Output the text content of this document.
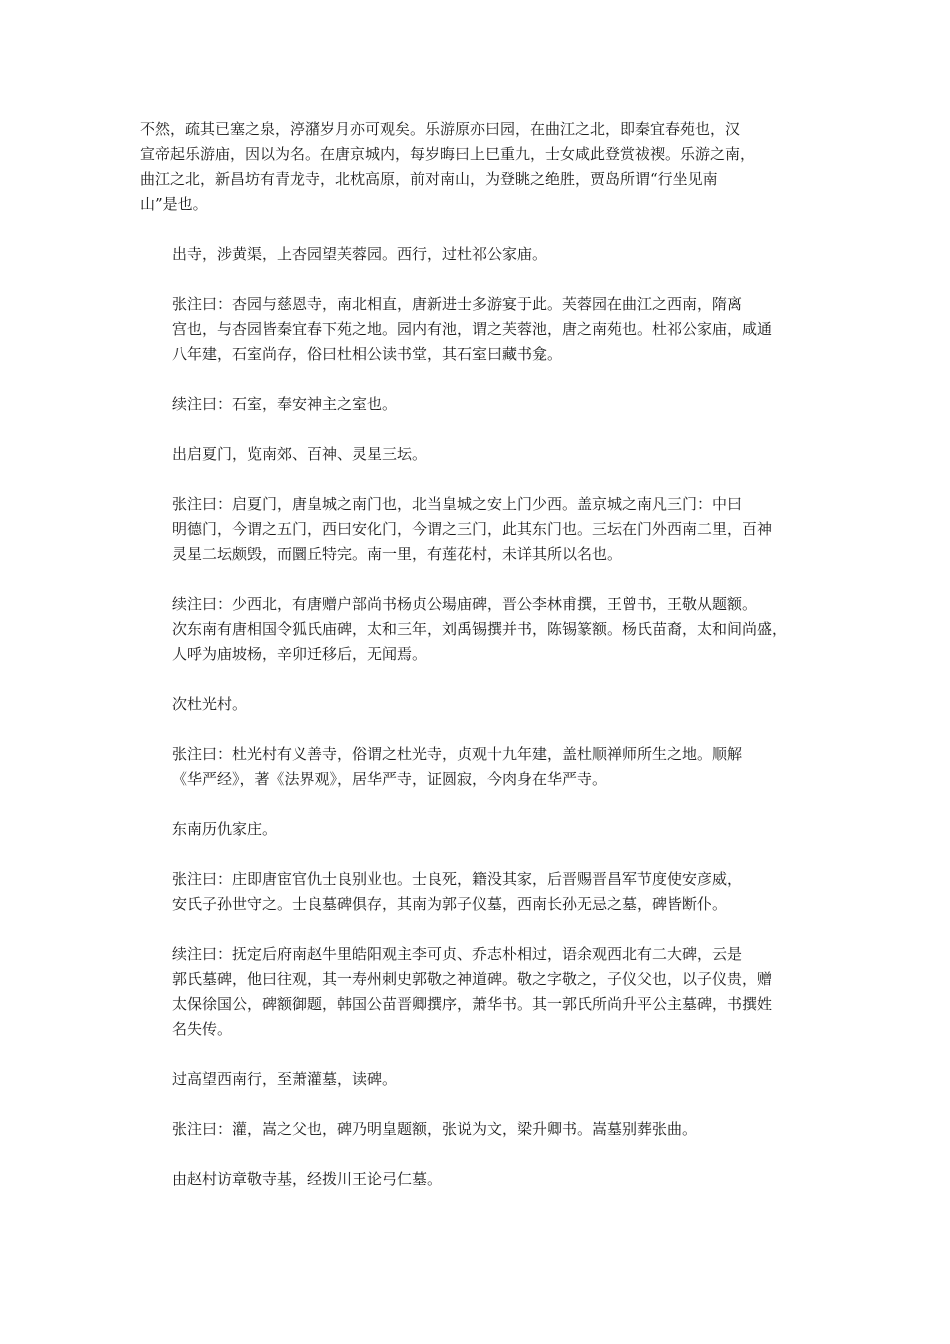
不然，疏其已塞之泉，渟潴岁月亦可观矣。乐游原亦曰园，在曲江之北，即秦宜春苑也，汉
宣帝起乐游庙，因以为名。在唐京城内，每岁晦曰上巳重九，士女咸此登赏祓禊。乐游之南，
曲江之北，新昌坊有青龙寺，北枕高原，前对南山，为登眺之绝胜，贾岛所谓“行坐见南
山”是也。
出寺，涉黄渠，上杏园望芙蓉园。西行，过杜祁公家庙。
张注曰：杏园与慈恩寺，南北相直，唐新进士多游宴于此。芙蓉园在曲江之西南，隋离
宫也，与杏园皆秦宜春下苑之地。园内有池，谓之芙蓉池，唐之南苑也。杜祁公家庙，咸通
八年建，石室尚存，俗曰杜相公读书堂，其石室曰藏书龛。
续注曰：石室，奉安神主之室也。
出启夏门，览南郊、百神、灵星三坛。
张注曰：启夏门，唐皇城之南门也，北当皇城之安上门少西。盖京城之南凡三门：中曰
明德门，今谓之五门，西曰安化门，今谓之三门，此其东门也。三坛在门外西南二里，百神
灵星二坛颇毁，而圜丘特完。南一里，有莲花村，未详其所以名也。
续注曰：少西北，有唐赠户部尚书杨贞公瑒庙碑，晋公李林甫撰，王曾书，王敬从题额。
次东南有唐相国令狐氏庙碑，太和三年，刘禹锡撰并书，陈锡篆额。杨氏苗裔，太和间尚盛，
人呼为庙坡杨，辛卯迁移后，无闻焉。
次杜光村。
张注曰：杜光村有义善寺，俗谓之杜光寺，贞观十九年建，盖杜顺禅师所生之地。顺解
《华严经》，著《法界观》，居华严寺，证圆寂，今肉身在华严寺。
东南历仇家庄。
张注曰：庄即唐宦官仇士良别业也。士良死，籍没其家，后晋赐晋昌军节度使安彦威，
安氏子孙世守之。士良墓碑俱存，其南为郭子仪墓，西南长孙无忌之墓，碑皆断仆。
续注曰：抚定后府南赵牛里皓阳观主李可贞、乔志朴相过，语余观西北有二大碑，云是
郭氏墓碑，他曰往观，其一寿州刺史郭敬之神道碑。敬之字敬之，子仪父也，以子仪贵，赠
太保徐国公，碑额御题，韩国公苗晋卿撰序，萧华书。其一郭氏所尚升平公主墓碑，书撰姓
名失传。
过高望西南行，至萧灌墓，读碑。
张注曰：灌，嵩之父也，碑乃明皇题额，张说为文，梁升卿书。嵩墓别葬张曲。
由赵村访章敬寺基，经拨川王论弓仁墓。
